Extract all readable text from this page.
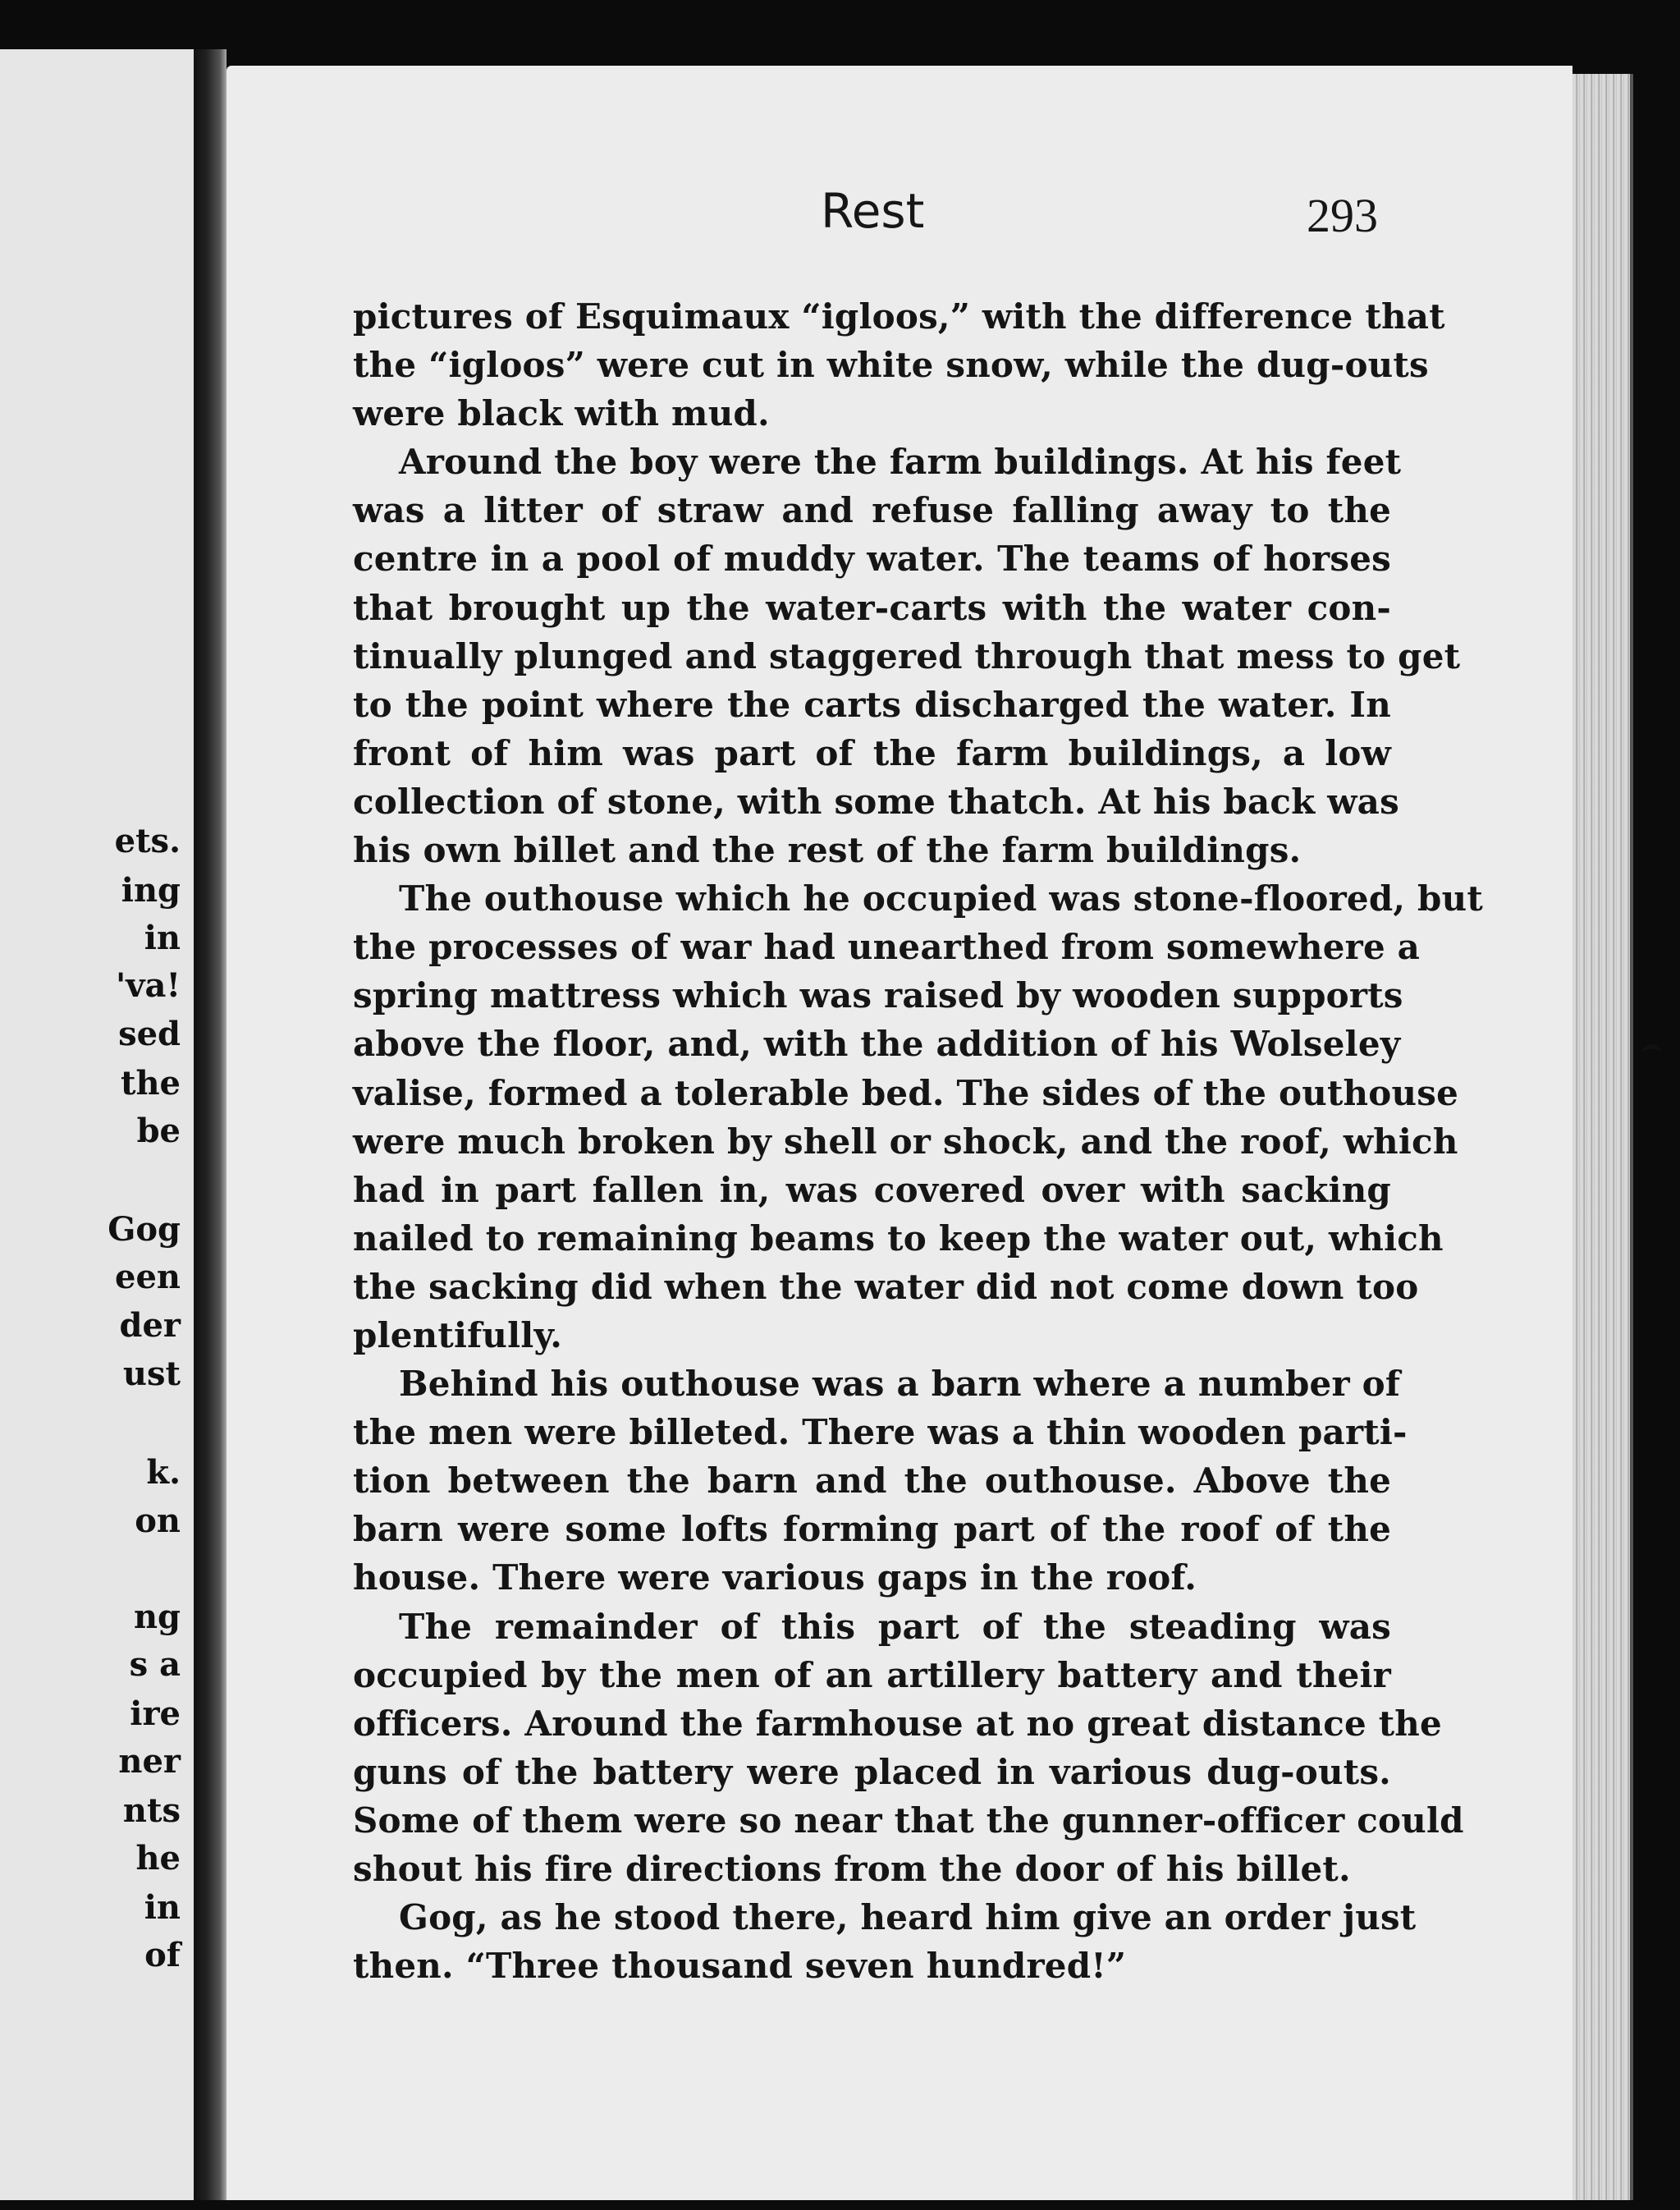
ets.
ing
in
'va!
sed
the
be
Gog
een
der
ust
k.
on
ng
s a
ire
ner
nts
he
in
of
Rest	293
pictures of Esquimaux “igloos,” with the difference that
the “igloos” were cut in white snow, while the dug-outs
were black with mud.
Around the boy were the farm buildings. At his feet
was a litter of straw and refuse falling away to the
centre in a pool of muddy water. The teams of horses
that brought up the water-carts with the water con-
tinually plunged and staggered through that mess to get
to the point where the carts discharged the water. In
front of him was part of the farm buildings, a low
collection of stone, with some thatch. At his back was
his own billet and the rest of the farm buildings.
The outhouse which he occupied was stone-floored, but
the processes of war had unearthed from somewhere a
spring mattress which was raised by wooden supports
above the floor, and, with the addition of his Wolseley
valise, formed a tolerable bed. The sides of the outhouse
were much broken by shell or shock, and the roof, which
had in part fallen in, was covered over with sacking
nailed to remaining beams to keep the water out, which
the sacking did when the water did not come down too
plentifully.
Behind his outhouse was a barn where a number of
the men were billeted. There was a thin wooden parti-
tion between the barn and the outhouse. Above the
barn were some lofts forming part of the roof of the
house. There were various gaps in the roof.
The remainder of this part of the steading was
occupied by the men of an artillery battery and their
officers. Around the farmhouse at no great distance the
guns of the battery were placed in various dug-outs.
Some of them were so near that the gunner-officer could
shout his fire directions from the door of his billet.
Gog, as he stood there, heard him give an order just
then. “Three thousand seven hundred!”
